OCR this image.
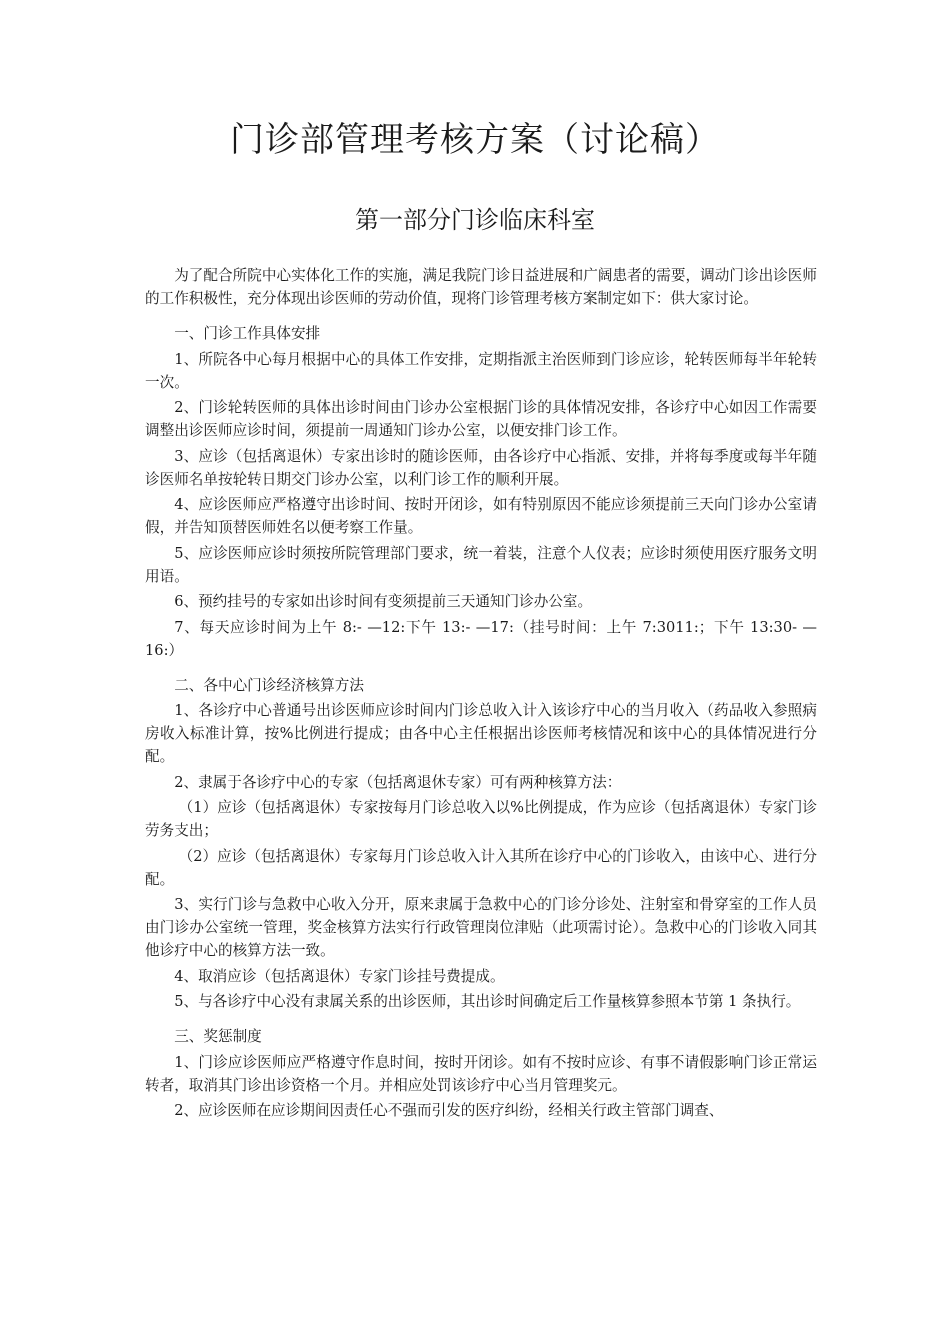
门诊部管理考核方案（讨论稿）
第一部分门诊临床科室

为了配合所院中心实体化工作的实施，满足我院门诊日益进展和广阔患者的需要，调动门诊出诊医师的工作积极性，充分体现出诊医师的劳动价值，现将门诊管理考核方案制定如下：供大家讨论。

一、门诊工作具体安排

1、所院各中心每月根据中心的具体工作安排，定期指派主治医师到门诊应诊，轮转医师每半年轮转一次。

2、门诊轮转医师的具体出诊时间由门诊办公室根据门诊的具体情况安排，各诊疗中心如因工作需要调整出诊医师应诊时间，须提前一周通知门诊办公室，以便安排门诊工作。

3、应诊（包括离退休）专家出诊时的随诊医师，由各诊疗中心指派、安排，并将每季度或每半年随诊医师名单按轮转日期交门诊办公室，以利门诊工作的顺利开展。

4、应诊医师应严格遵守出诊时间、按时开闭诊，如有特别原因不能应诊须提前三天向门诊办公室请假，并告知顶替医师姓名以便考察工作量。

5、应诊医师应诊时须按所院管理部门要求，统一着装，注意个人仪表；应诊时须使用医疗服务文明用语。

6、预约挂号的专家如出诊时间有变须提前三天通知门诊办公室。

7、每天应诊时间为上午 8:- —12:下午 13:- —17:（挂号时间：上午 7:3011:；下午 13:30- —16:）

二、各中心门诊经济核算方法

1、各诊疗中心普通号出诊医师应诊时间内门诊总收入计入该诊疗中心的当月收入（药品收入参照病房收入标准计算，按%比例进行提成；由各中心主任根据出诊医师考核情况和该中心的具体情况进行分配。

2、隶属于各诊疗中心的专家（包括离退休专家）可有两种核算方法：

（1）应诊（包括离退休）专家按每月门诊总收入以%比例提成，作为应诊（包括离退休）专家门诊劳务支出；

（2）应诊（包括离退休）专家每月门诊总收入计入其所在诊疗中心的门诊收入，由该中心、进行分配。

3、实行门诊与急救中心收入分开，原来隶属于急救中心的门诊分诊处、注射室和骨穿室的工作人员由门诊办公室统一管理，奖金核算方法实行行政管理岗位津贴（此项需讨论）。急救中心的门诊收入同其他诊疗中心的核算方法一致。

4、取消应诊（包括离退休）专家门诊挂号费提成。

5、与各诊疗中心没有隶属关系的出诊医师，其出诊时间确定后工作量核算参照本节第 1 条执行。

三、奖惩制度

1、门诊应诊医师应严格遵守作息时间，按时开闭诊。如有不按时应诊、有事不请假影响门诊正常运转者，取消其门诊出诊资格一个月。并相应处罚该诊疗中心当月管理奖元。

2、应诊医师在应诊期间因责任心不强而引发的医疗纠纷，经相关行政主管部门调查、
